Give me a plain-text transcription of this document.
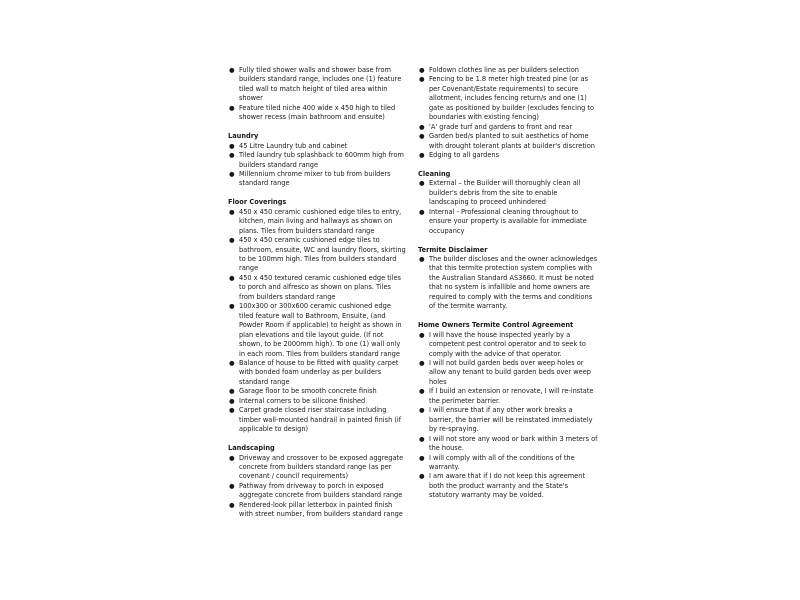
● Fully tiled shower walls and shower base from builders standard range, includes one (1) feature tiled wall to match height of tiled area within shower
● Feature tiled niche 400 wide x 450 high to tiled shower recess (main bathroom and ensuite)
Laundry
● 45 Litre Laundry tub and cabinet
● Tiled laundry tub splashback to 600mm high from builders standard range
● Millennium chrome mixer to tub from builders standard range
Floor Coverings
● 450 x 450 ceramic cushioned edge tiles to entry, kitchen, main living and hallways as shown on plans. Tiles from builders standard range
● 450 x 450 ceramic cushioned edge tiles to bathroom, ensuite, WC and laundry floors, skirting to be 100mm high. Tiles from builders standard range
● 450 x 450 textured ceramic cushioned edge tiles to porch and alfresco as shown on plans. Tiles from builders standard range
● 100x300 or 300x600 ceramic cushioned edge tiled feature wall to Bathroom, Ensuite, (and Powder Room if applicable) to height as shown in plan elevations and tile layout guide. (If not shown, to be 2000mm high). To one (1) wall only in each room. Tiles from builders standard range
● Balance of house to be fitted with quality carpet with bonded foam underlay as per builders standard range
● Garage floor to be smooth concrete finish
● Internal corners to be silicone finished
● Carpet grade closed riser staircase including timber wall-mounted handrail in painted finish (if applicable to design)
Landscaping
● Driveway and crossover to be exposed aggregate concrete from builders standard range (as per covenant / council requirements)
● Pathway from driveway to porch in exposed aggregate concrete from builders standard range
● Rendered-look pillar letterbox in painted finish with street number, from builders standard range
● Foldown clothes line as per builders selection
● Fencing to be 1.8 meter high treated pine (or as per Covenant/Estate requirements) to secure allotment, includes fencing return/s and one (1) gate as positioned by builder (excludes fencing to boundaries with existing fencing)
● 'A' grade turf and gardens to front and rear
● Garden bed/s planted to suit aesthetics of home with drought tolerant plants at builder's discretion
● Edging to all gardens
Cleaning
● External – the Builder will thoroughly clean all builder's debris from the site to enable landscaping to proceed unhindered
● Internal - Professional cleaning throughout to ensure your property is available for immediate occupancy
Termite Disclaimer
● The builder discloses and the owner acknowledges that this termite protection system complies with the Australian Standard AS3660. It must be noted that no system is infallible and home owners are required to comply with the terms and conditions of the termite warranty.
Home Owners Termite Control Agreement
● I will have the house inspected yearly by a competent pest control operator and to seek to comply with the advice of that operator.
● I will not build garden beds over weep holes or allow any tenant to build garden beds over weep holes
● If I build an extension or renovate, I will re-instate the perimeter barrier.
● I will ensure that if any other work breaks a barrier, the barrier will be reinstated immediately by re-spraying.
● I will not store any wood or bark within 3 meters of the house.
● I will comply with all of the conditions of the warranty.
● I am aware that if I do not keep this agreement both the product warranty and the State's statutory warranty may be voided.
